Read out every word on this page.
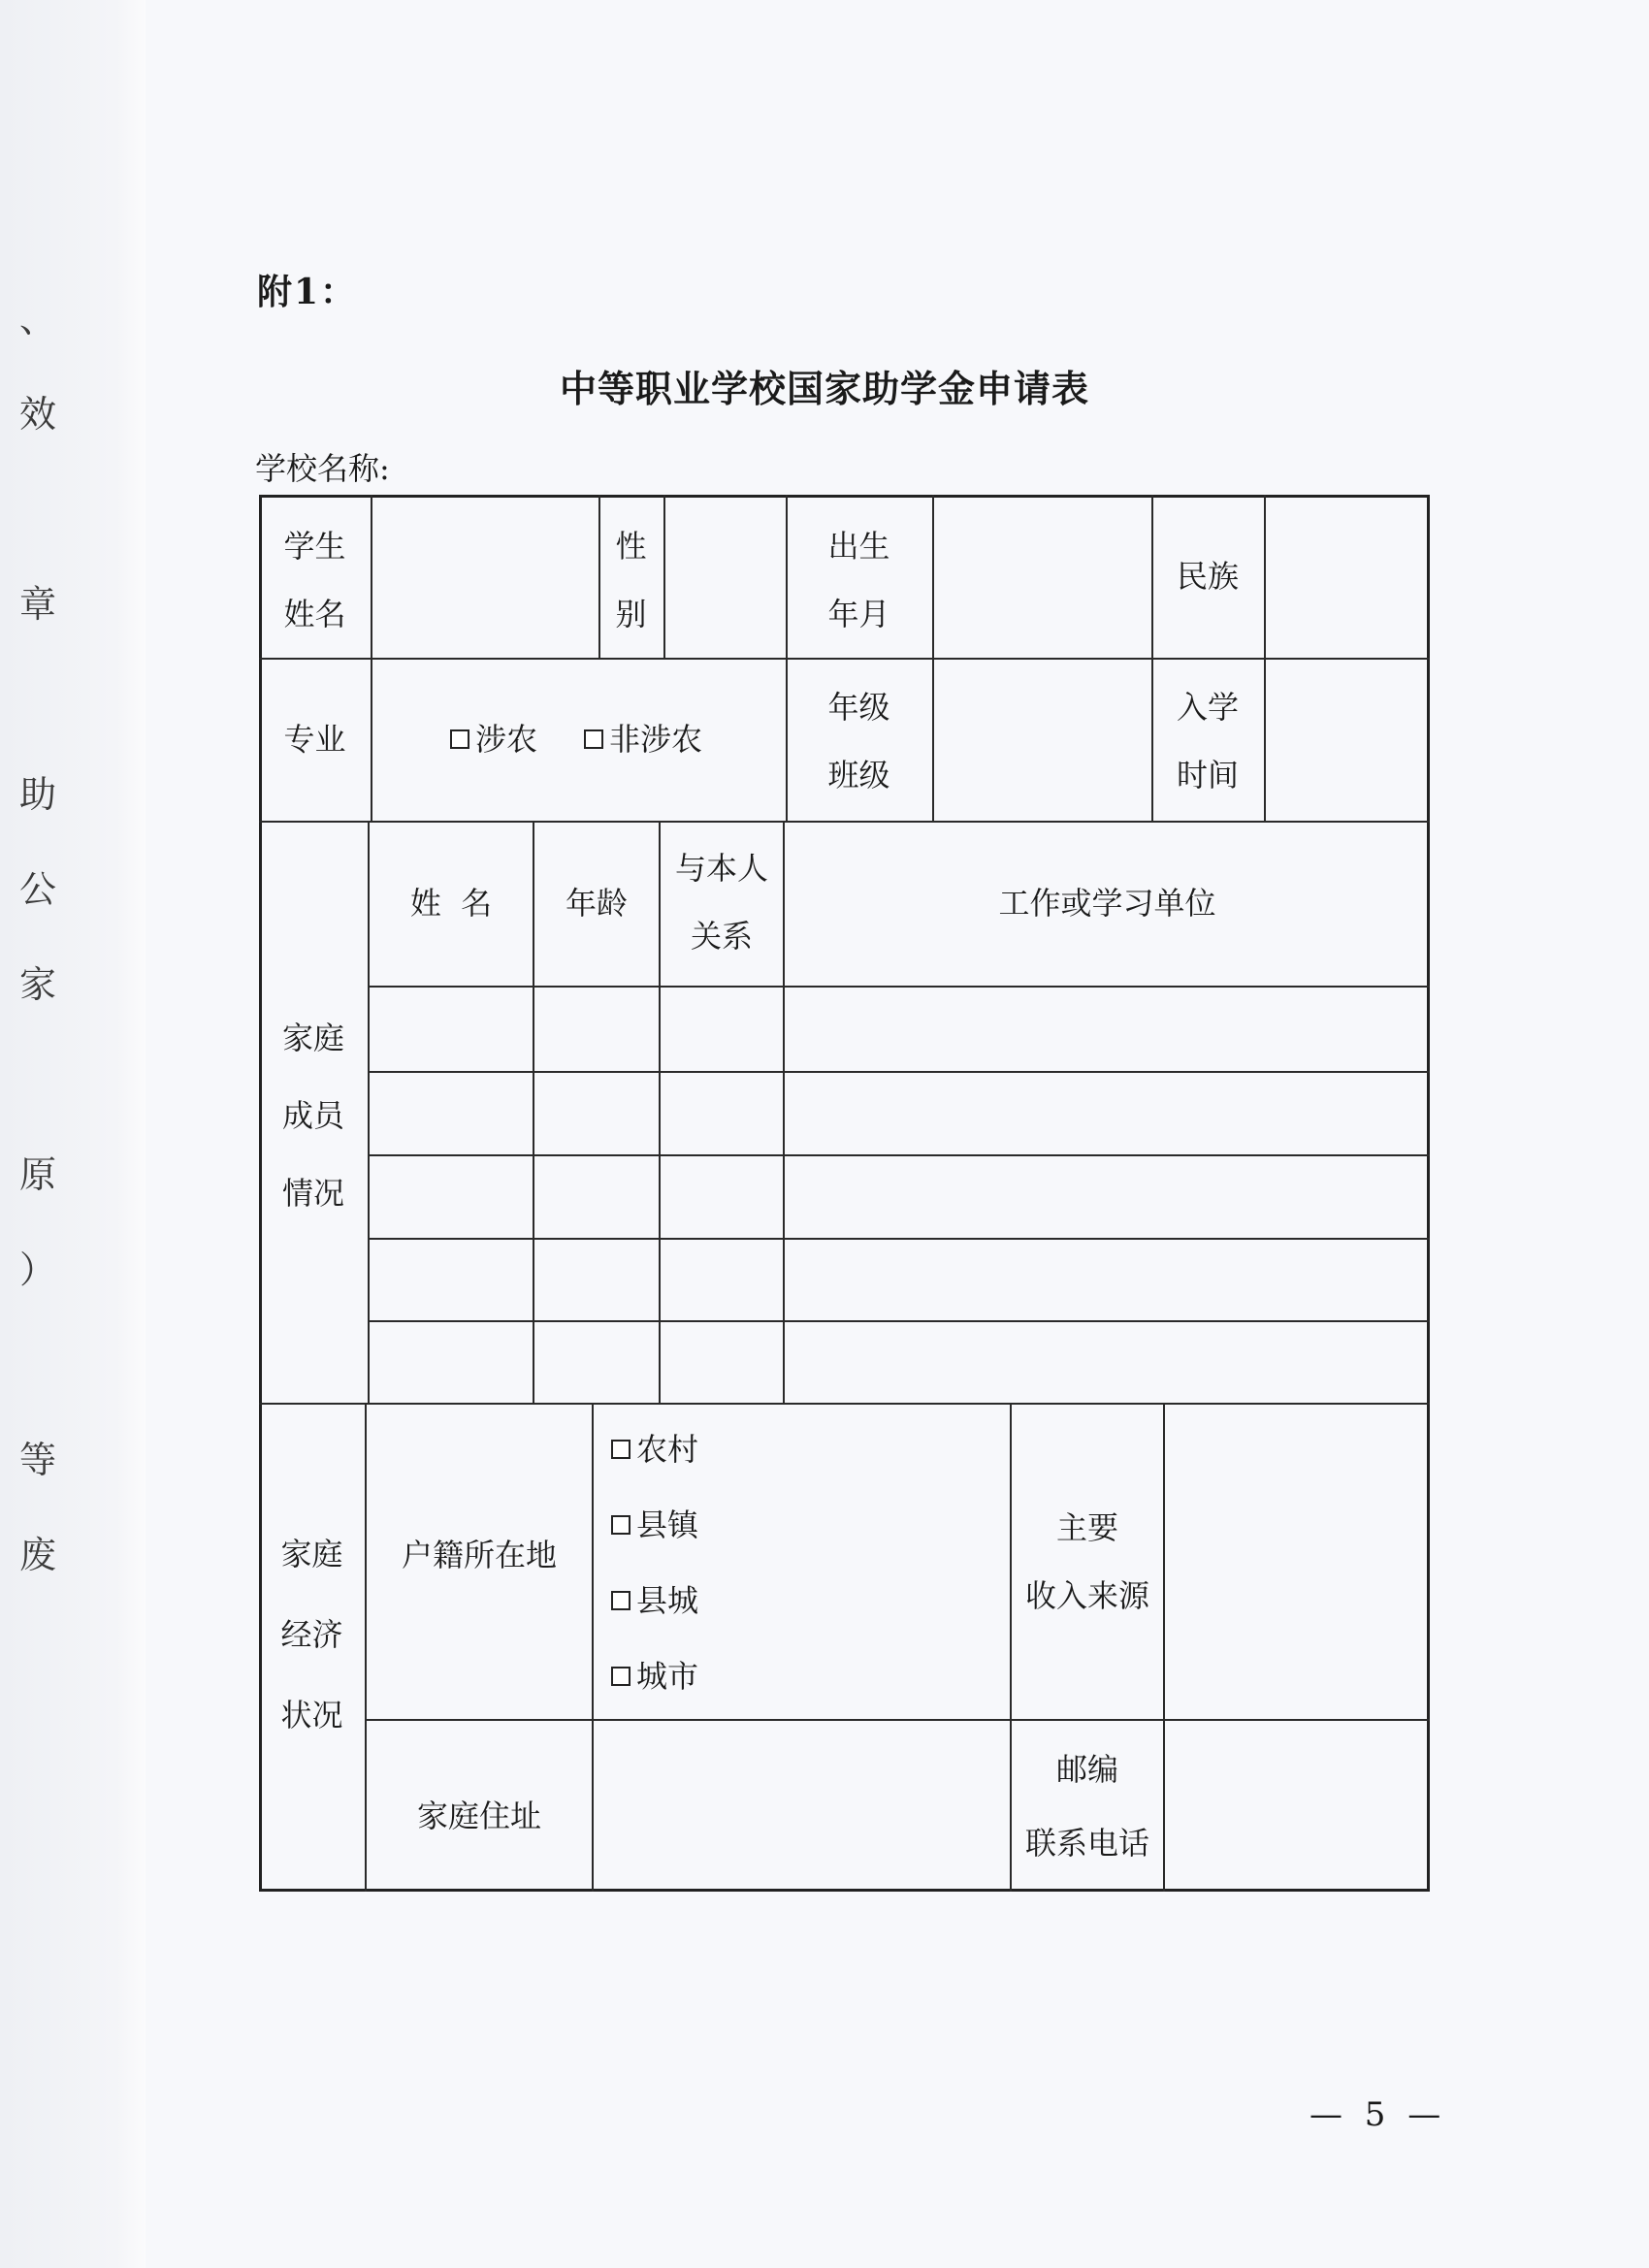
、
效
章
助
公
家
原
）
等
废
附1：
中等职业学校国家助学金申请表
学校名称:
学生
姓名
性
别
出生
年月
民族
专业	涉农 非涉农
年级
班级
入学
时间
家庭
成员
情况
姓  名	年龄
与本人
关系
工作或学习单位
家庭
经济
状况
户籍所在地
农村
县镇
县城
城市
主要
收入来源
家庭住址
邮编
联系电话
— 5 —
